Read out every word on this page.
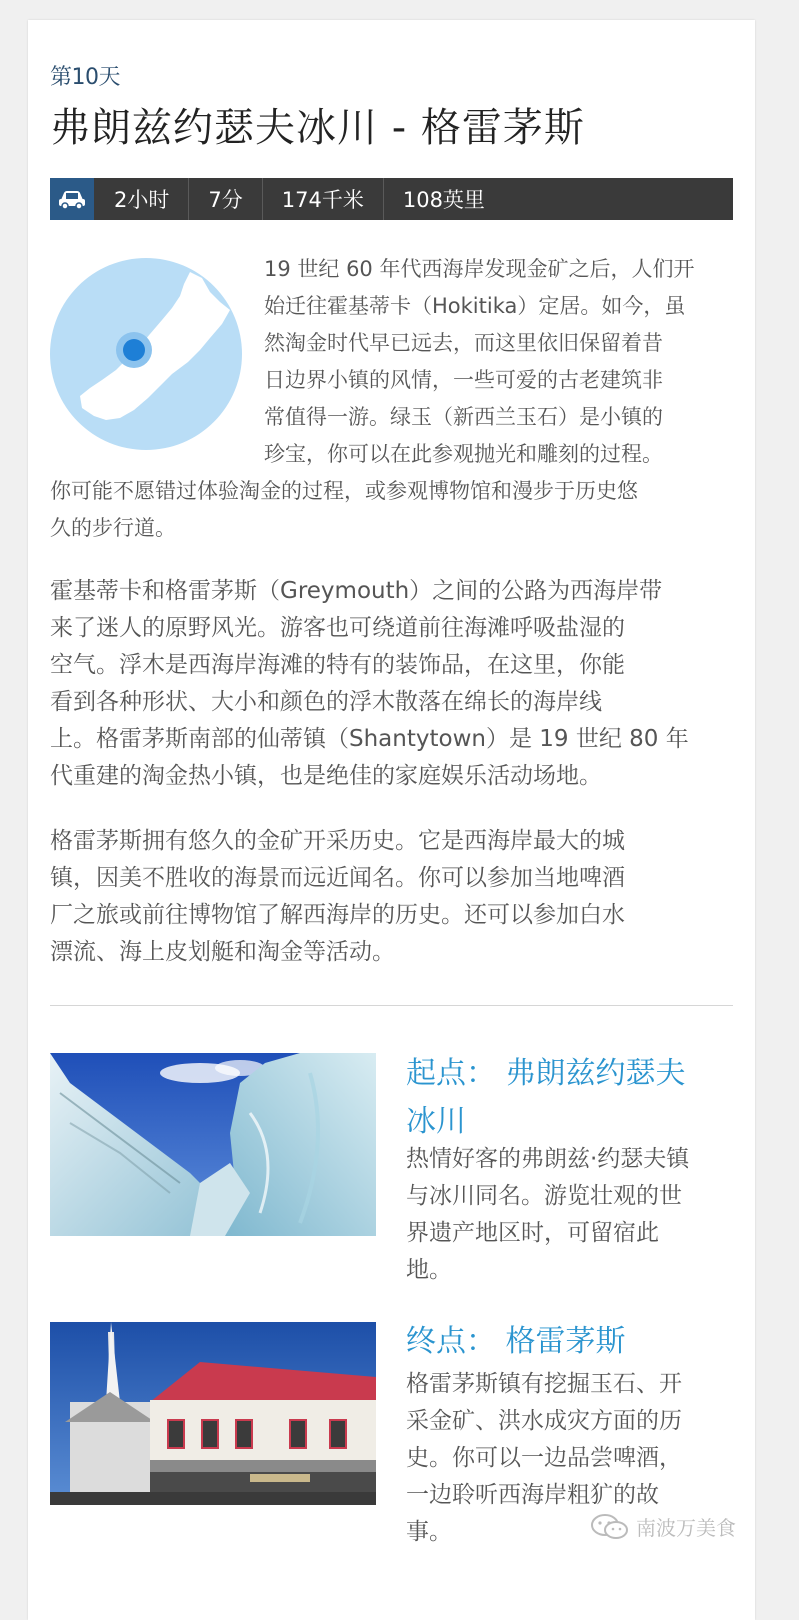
第10天
弗朗兹约瑟夫冰川 - 格雷茅斯
2小时	7分	174千米	108英里
19 世纪 60 年代西海岸发现金矿之后，人们开
始迁往霍基蒂卡（Hokitika）定居。如今，虽
然淘金时代早已远去，而这里依旧保留着昔
日边界小镇的风情，一些可爱的古老建筑非
常值得一游。绿玉（新西兰玉石）是小镇的
珍宝，你可以在此参观抛光和雕刻的过程。
你可能不愿错过体验淘金的过程，或参观博物馆和漫步于历史悠
久的步行道。
霍基蒂卡和格雷茅斯（Greymouth）之间的公路为西海岸带
来了迷人的原野风光。游客也可绕道前往海滩呼吸盐湿的
空气。浮木是西海岸海滩的特有的装饰品，在这里，你能
看到各种形状、大小和颜色的浮木散落在绵长的海岸线
上。格雷茅斯南部的仙蒂镇（Shantytown）是 19 世纪 80 年
代重建的淘金热小镇，也是绝佳的家庭娱乐活动场地。
格雷茅斯拥有悠久的金矿开采历史。它是西海岸最大的城
镇，因美不胜收的海景而远近闻名。你可以参加当地啤酒
厂之旅或前往博物馆了解西海岸的历史。还可以参加白水
漂流、海上皮划艇和淘金等活动。
起点： 弗朗兹约瑟夫
冰川
热情好客的弗朗兹·约瑟夫镇
与冰川同名。游览壮观的世
界遗产地区时，可留宿此
地。
终点： 格雷茅斯
格雷茅斯镇有挖掘玉石、开
采金矿、洪水成灾方面的历
史。你可以一边品尝啤酒，
一边聆听西海岸粗犷的故
事。	南波万美食
